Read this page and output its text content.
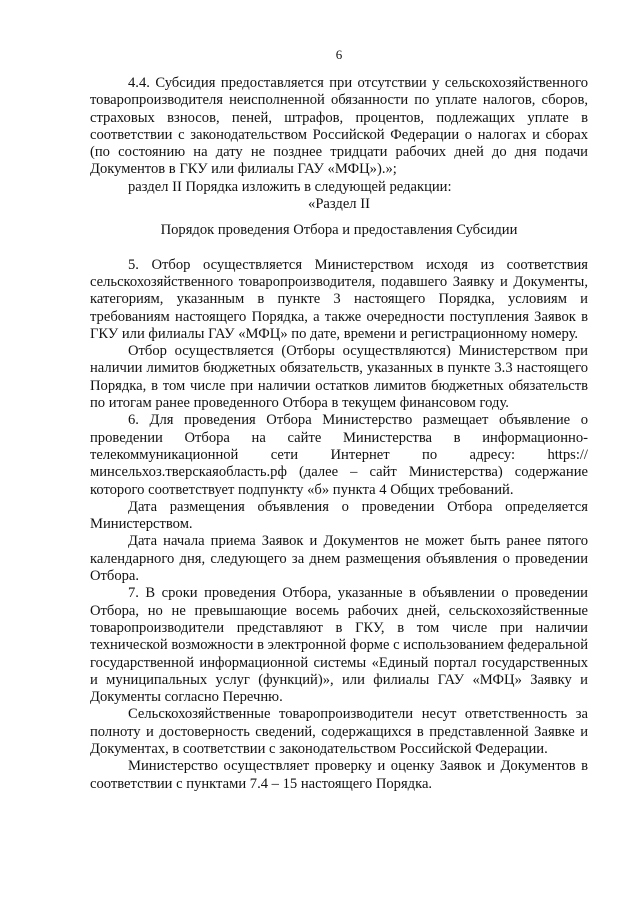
6

4.4. Субсидия предоставляется при отсутствии у сельскохозяйственного товаропроизводителя неисполненной обязанности по уплате налогов, сборов, страховых взносов, пеней, штрафов, процентов, подлежащих уплате в соответствии с законодательством Российской Федерации о налогах и сборах (по состоянию на дату не позднее тридцати рабочих дней до дня подачи Документов в ГКУ или филиалы ГАУ «МФЦ»).»;

раздел II Порядка изложить в следующей редакции:

«Раздел II

Порядок проведения Отбора и предоставления Субсидии

5. Отбор осуществляется Министерством исходя из соответствия сельскохозяйственного товаропроизводителя, подавшего Заявку и Документы, категориям, указанным в пункте 3 настоящего Порядка, условиям и требованиям настоящего Порядка, а также очередности поступления Заявок в ГКУ или филиалы ГАУ «МФЦ» по дате, времени и регистрационному номеру.

Отбор осуществляется (Отборы осуществляются) Министерством при наличии лимитов бюджетных обязательств, указанных в пункте 3.3 настоящего Порядка, в том числе при наличии остатков лимитов бюджетных обязательств по итогам ранее проведенного Отбора в текущем финансовом году.

6. Для проведения Отбора Министерство размещает объявление о проведении Отбора на сайте Министерства в информационно-телекоммуникационной сети Интернет по адресу: https://минсельхоз.тверскаяобласть.рф (далее – сайт Министерства) содержание которого соответствует подпункту «б» пункта 4 Общих требований.

Дата размещения объявления о проведении Отбора определяется Министерством.

Дата начала приема Заявок и Документов не может быть ранее пятого календарного дня, следующего за днем размещения объявления о проведении Отбора.

7. В сроки проведения Отбора, указанные в объявлении о проведении Отбора, но не превышающие восемь рабочих дней, сельскохозяйственные товаропроизводители представляют в ГКУ, в том числе при наличии технической возможности в электронной форме с использованием федеральной государственной информационной системы «Единый портал государственных и муниципальных услуг (функций)», или филиалы ГАУ «МФЦ» Заявку и Документы согласно Перечню.

Сельскохозяйственные товаропроизводители несут ответственность за полноту и достоверность сведений, содержащихся в представленной Заявке и Документах, в соответствии с законодательством Российской Федерации.

Министерство осуществляет проверку и оценку Заявок и Документов в соответствии с пунктами 7.4 – 15 настоящего Порядка.
